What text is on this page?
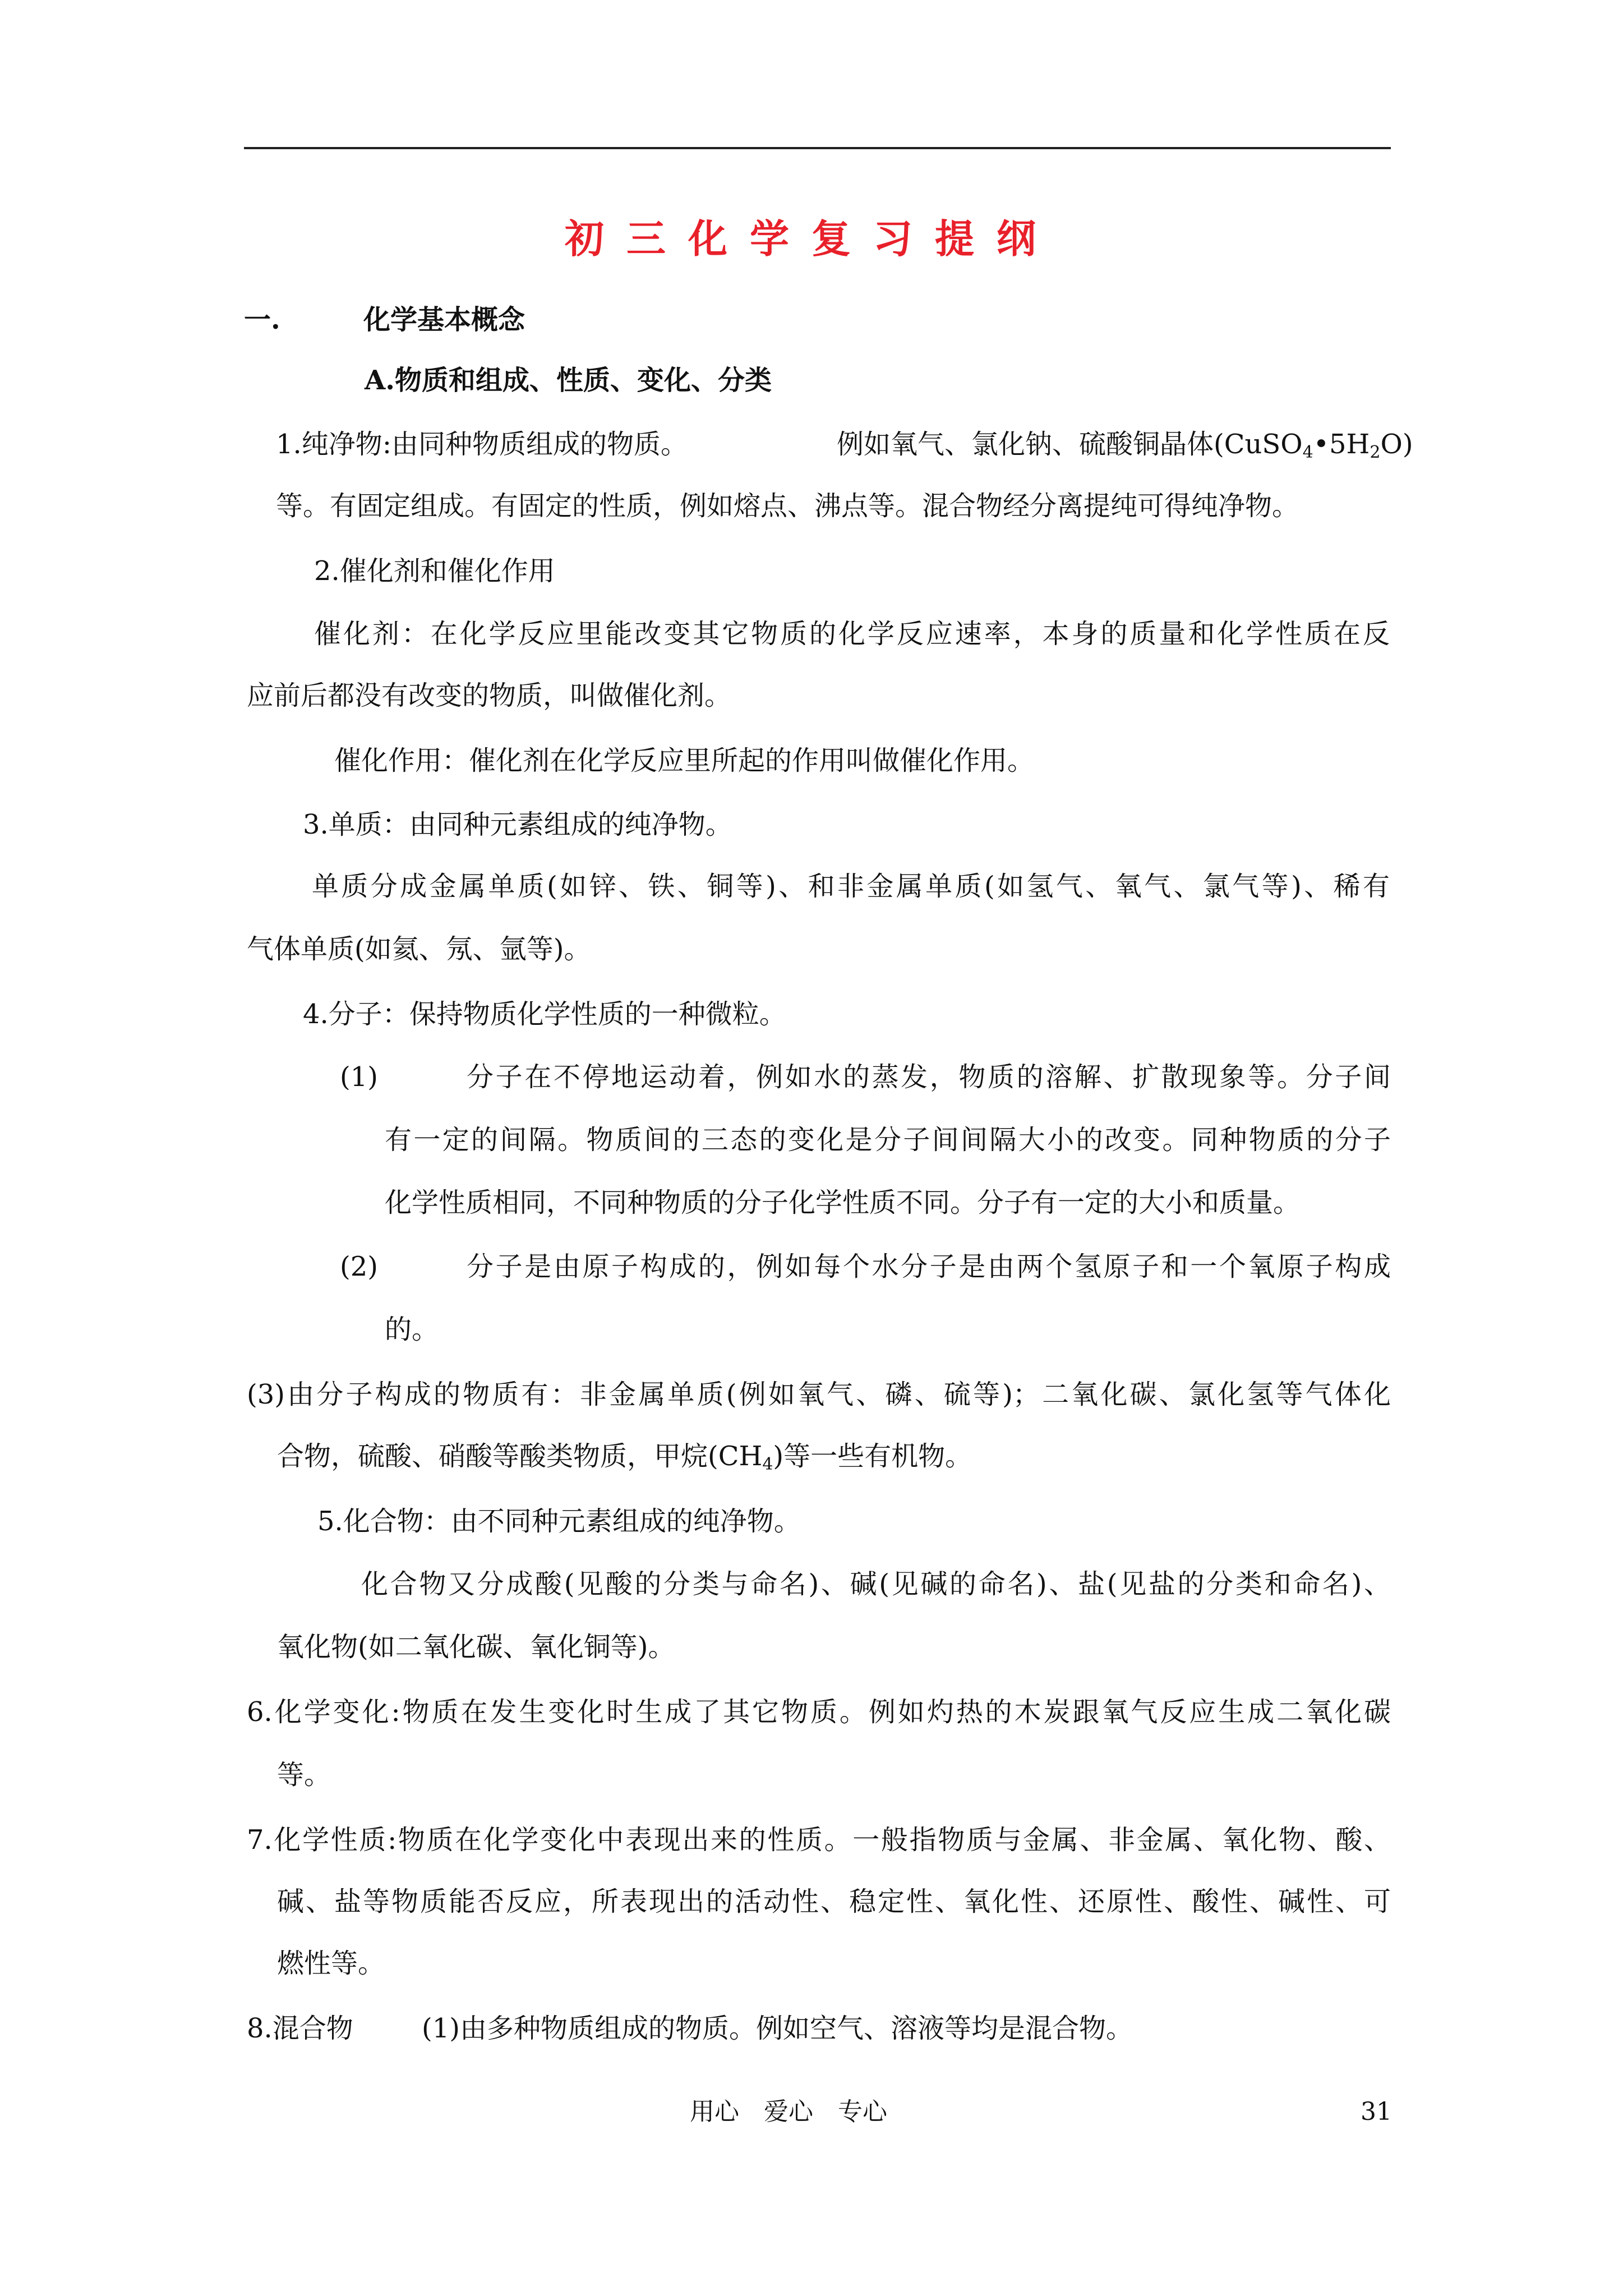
初三化学复习提纲
一.	化学基本概念
A.物质和组成、性质、变化、分类
1.纯净物:由同种物质组成的物质。	例如氧气、氯化钠、硫酸铜晶体$(CuSO_4•5H_2O)$
等。有固定组成。有固定的性质，例如熔点、沸点等。混合物经分离提纯可得纯净物。
2.催化剂和催化作用
催化剂：在化学反应里能改变其它物质的化学反应速率，本身的质量和化学性质在反
应前后都没有改变的物质，叫做催化剂。
催化作用：催化剂在化学反应里所起的作用叫做催化作用。
3.单质：由同种元素组成的纯净物。
单质分成金属单质(如锌、铁、铜等)、和非金属单质(如氢气、氧气、氯气等)、稀有
气体单质(如氦、氖、氩等)。
4.分子：保持物质化学性质的一种微粒。
(1)	分子在不停地运动着，例如水的蒸发，物质的溶解、扩散现象等。分子间
有一定的间隔。物质间的三态的变化是分子间间隔大小的改变。同种物质的分子
化学性质相同，不同种物质的分子化学性质不同。分子有一定的大小和质量。
(2)	分子是由原子构成的，例如每个水分子是由两个氢原子和一个氧原子构成
的。
(3)由分子构成的物质有：非金属单质(例如氧气、磷、硫等)；二氧化碳、氯化氢等气体化
合物，硫酸、硝酸等酸类物质，甲烷$(CH_4)$等一些有机物。
5.化合物：由不同种元素组成的纯净物。
化合物又分成酸(见酸的分类与命名)、碱(见碱的命名)、盐(见盐的分类和命名)、
氧化物(如二氧化碳、氧化铜等)。
6.化学变化:物质在发生变化时生成了其它物质。例如灼热的木炭跟氧气反应生成二氧化碳
等。
7.化学性质:物质在化学变化中表现出来的性质。一般指物质与金属、非金属、氧化物、酸、
碱、盐等物质能否反应，所表现出的活动性、稳定性、氧化性、还原性、酸性、碱性、可
燃性等。
8.混合物	(1)由多种物质组成的物质。例如空气、溶液等均是混合物。
用心　爱心　专心	31
